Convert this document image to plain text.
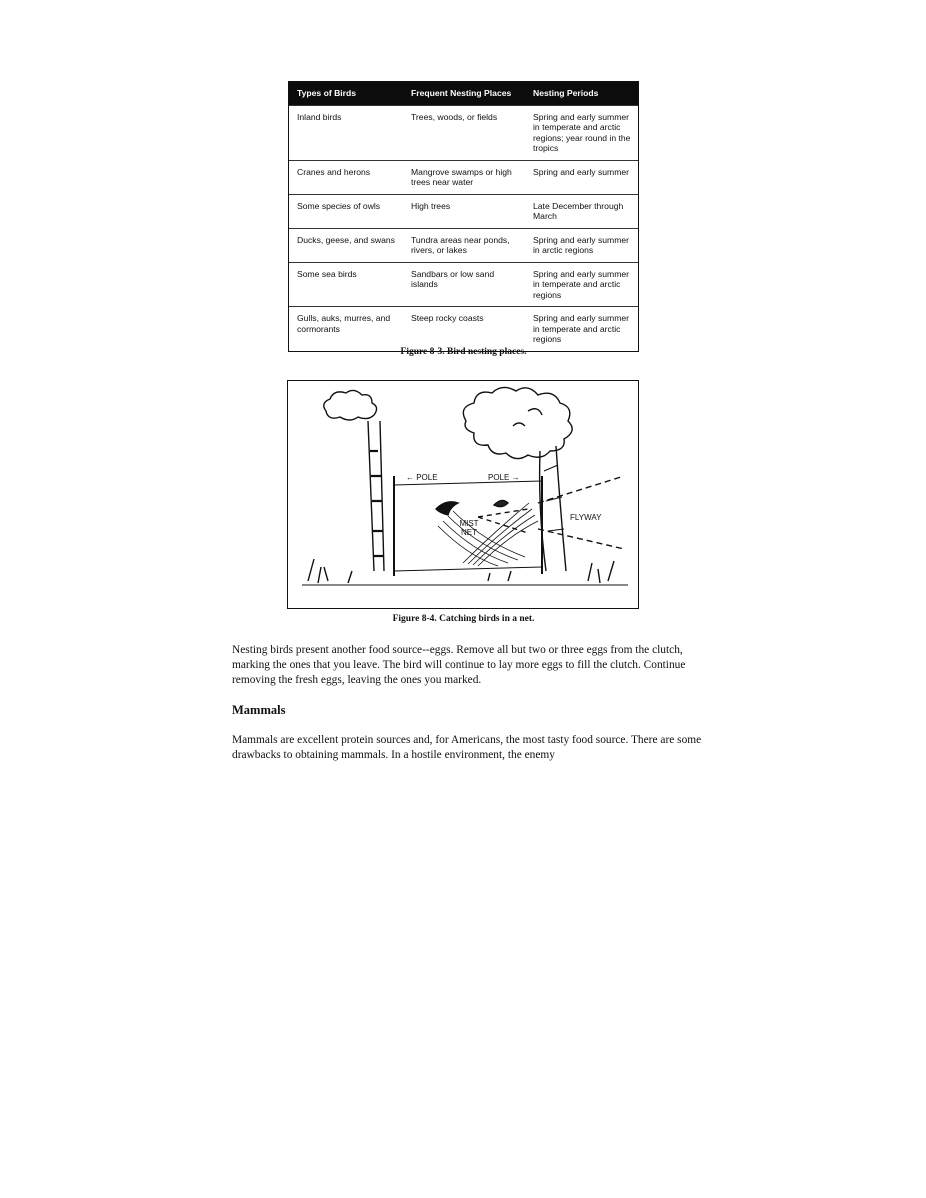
Types of Birds	Frequent Nesting Places	Nesting Periods
Inland birds	Trees, woods, or fields	Spring and early summer in temperate and arctic regions; year round in the tropics
Cranes and herons	Mangrove swamps or high trees near water	Spring and early summer
Some species of owls	High trees	Late December through March
Ducks, geese, and swans	Tundra areas near ponds, rivers, or lakes	Spring and early summer in arctic regions
Some sea birds	Sandbars or low sand islands	Spring and early summer in temperate and arctic regions
Gulls, auks, murres, and cormorants	Steep rocky coasts	Spring and early summer in temperate and arctic regions
Figure 8-3. Bird nesting places.
← POLE	POLE →
MIST NET
FLYWAY
Figure 8-4. Catching birds in a net.
Nesting birds present another food source--eggs. Remove all but two or three eggs from the clutch, marking the ones that you leave. The bird will continue to lay more eggs to fill the clutch. Continue removing the fresh eggs, leaving the ones you marked.
Mammals
Mammals are excellent protein sources and, for Americans, the most tasty food source. There are some drawbacks to obtaining mammals. In a hostile environment, the enemy
